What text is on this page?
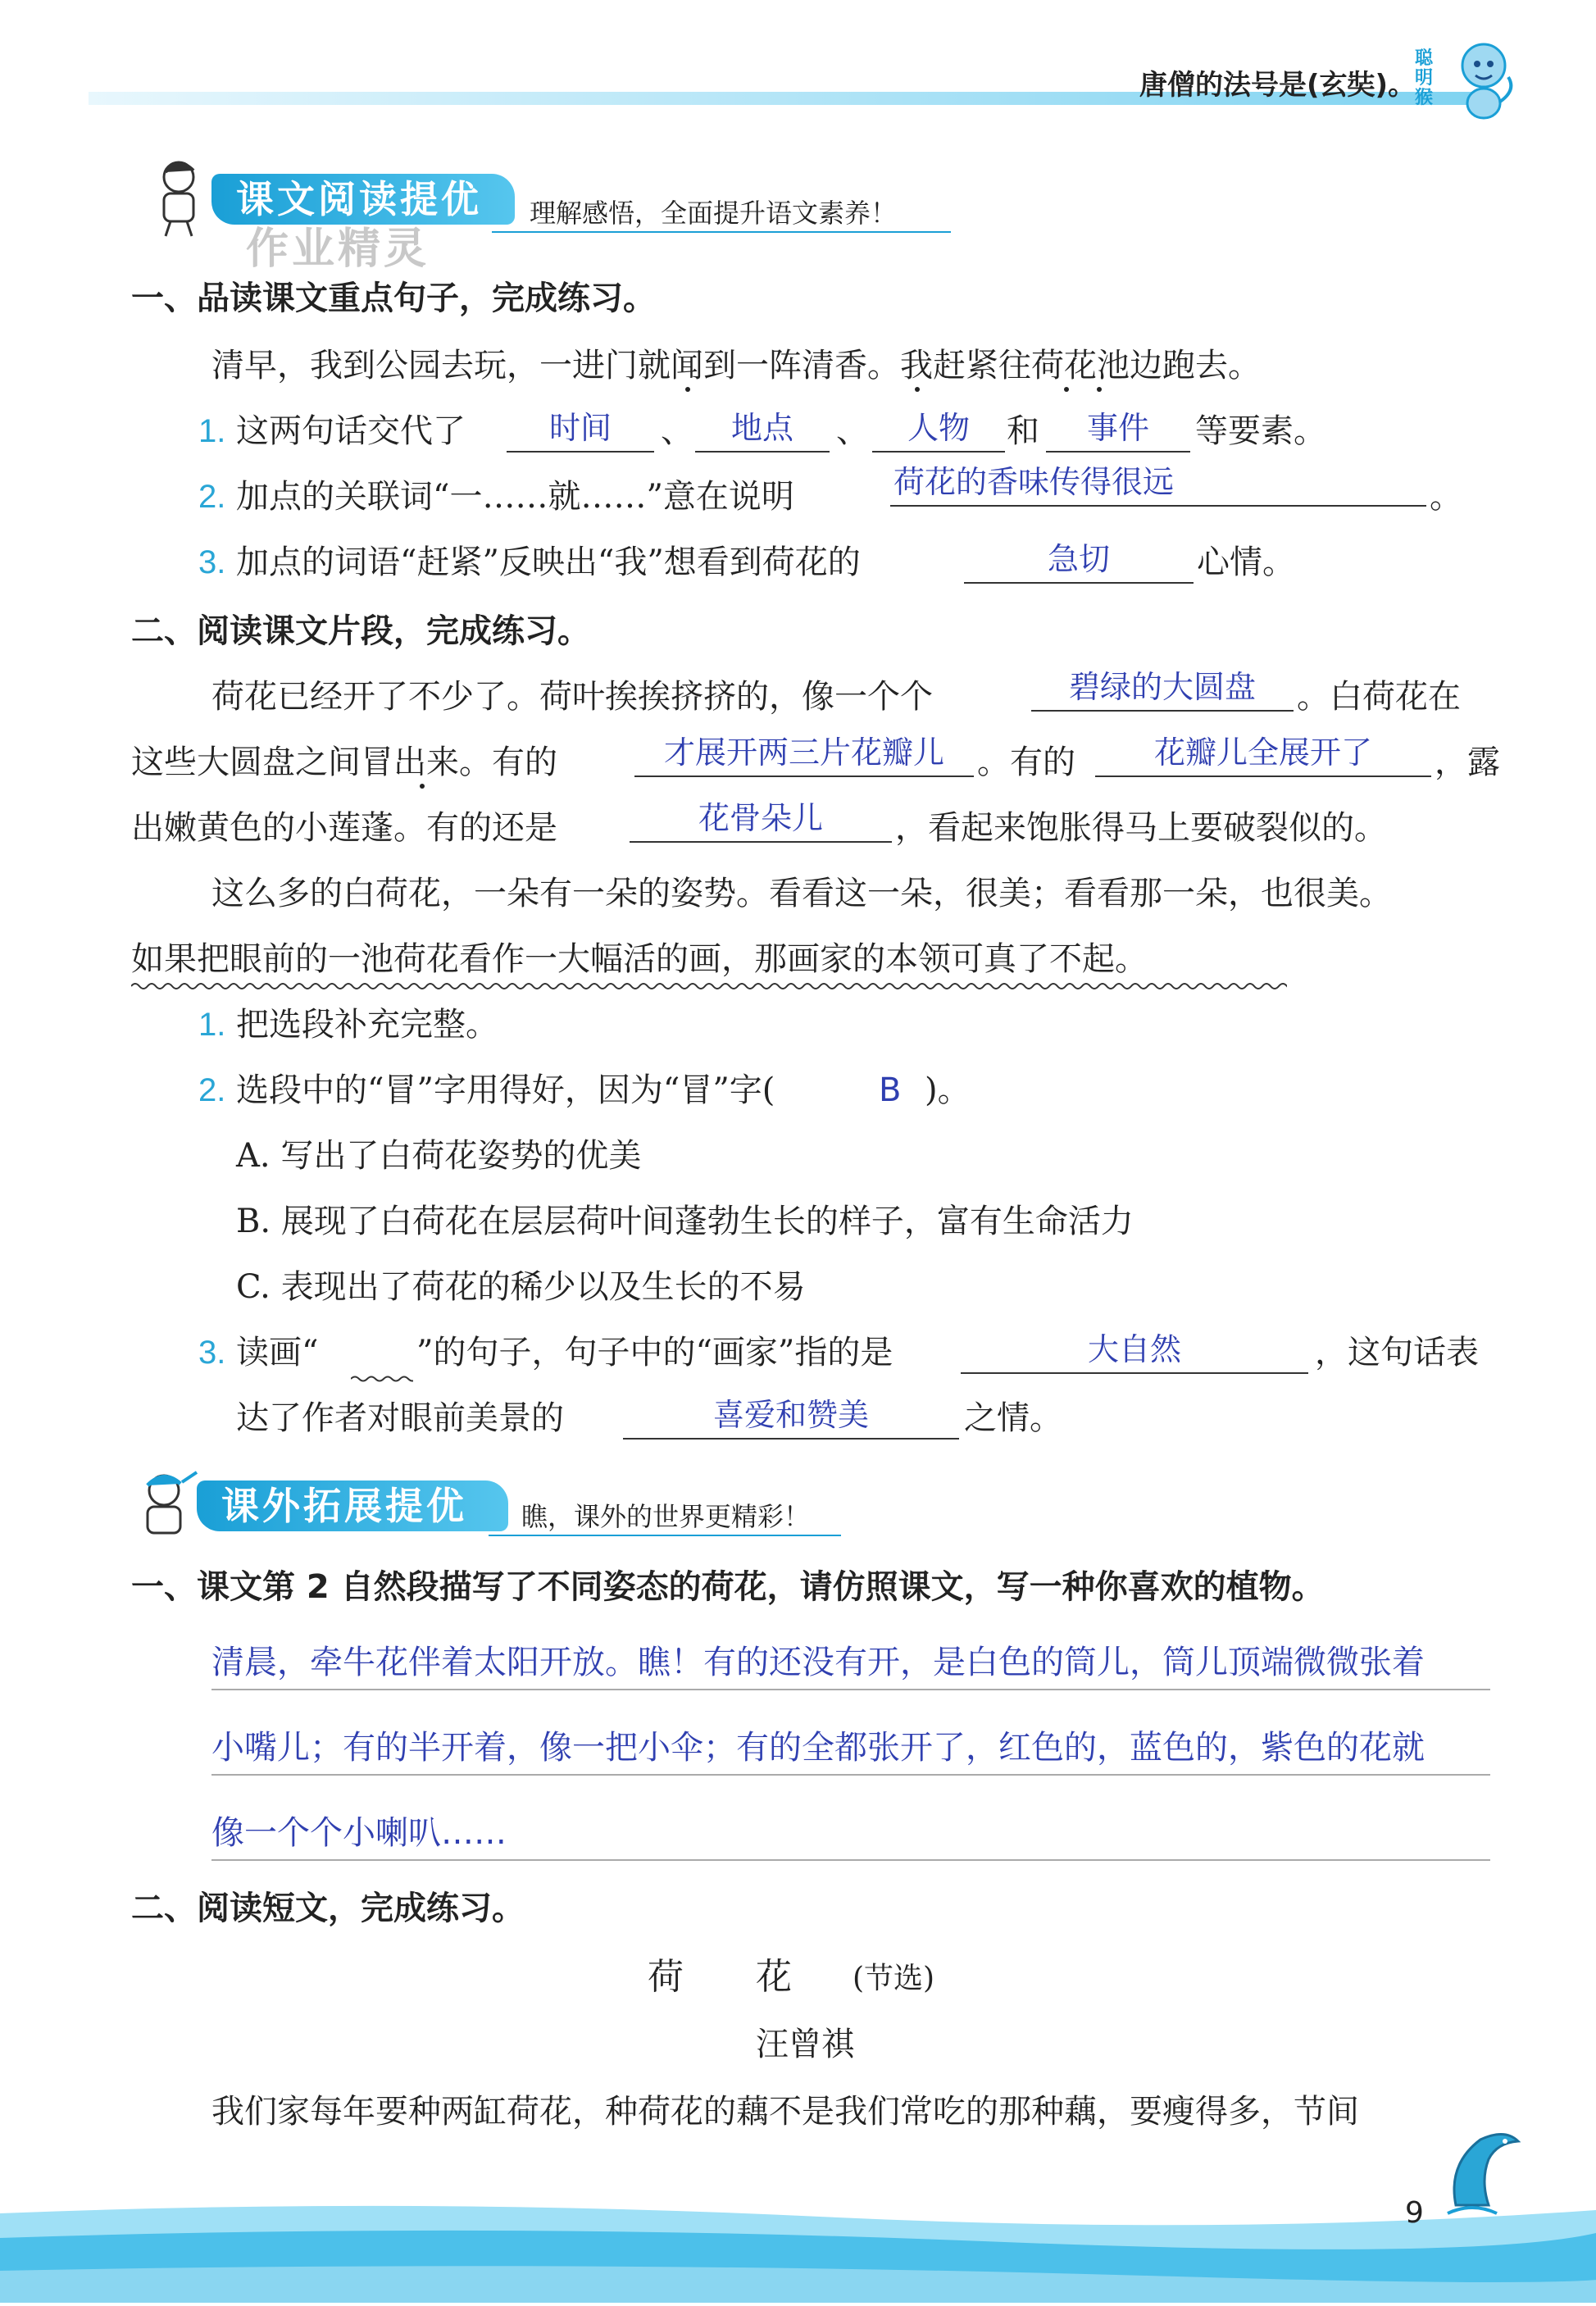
唐僧的法号是(玄奘)。
聪明猴
课文阅读提优	理解感悟，全面提升语文素养！
作业精灵
一、品读课文重点句子，完成练习。
清早，我到公园去玩，一进门就闻到一阵清香。我赶紧往荷花池边跑去。
1. 这两句话交代了	时间	、	地点	、	人物	和	事件	等要素。
2. 加点的关联词“一……就……”意在说明	荷花的香味传得很远	。
3. 加点的词语“赶紧”反映出“我”想看到荷花的	急切	心情。
二、阅读课文片段，完成练习。
荷花已经开了不少了。荷叶挨挨挤挤的，像一个个	碧绿的大圆盘	。白荷花在
这些大圆盘之间冒出来。有的	才展开两三片花瓣儿	。有的	花瓣儿全展开了	，露
出嫩黄色的小莲蓬。有的还是	花骨朵儿	，看起来饱胀得马上要破裂似的。
这么多的白荷花，一朵有一朵的姿势。看看这一朵，很美；看看那一朵，也很美。
如果把眼前的一池荷花看作一大幅活的画，那画家的本领可真了不起。
1. 把选段补充完整。
2. 选段中的“冒”字用得好，因为“冒”字(	B )。
A. 写出了白荷花姿势的优美
B. 展现了白荷花在层层荷叶间蓬勃生长的样子，富有生命活力
C. 表现出了荷花的稀少以及生长的不易
3. 读画“	”的句子，句子中的“画家”指的是	大自然	，这句话表
达了作者对眼前美景的	喜爱和赞美	之情。
课外拓展提优	瞧，课外的世界更精彩！
一、课文第 2 自然段描写了不同姿态的荷花，请仿照课文，写一种你喜欢的植物。
清晨，牵牛花伴着太阳开放。瞧！有的还没有开，是白色的筒儿，筒儿顶端微微张着
小嘴儿；有的半开着，像一把小伞；有的全都张开了，红色的，蓝色的，紫色的花就
像一个个小喇叭……
二、阅读短文，完成练习。
荷　　花 (节选)
汪曾祺
我们家每年要种两缸荷花，种荷花的藕不是我们常吃的那种藕，要瘦得多，节间
9
